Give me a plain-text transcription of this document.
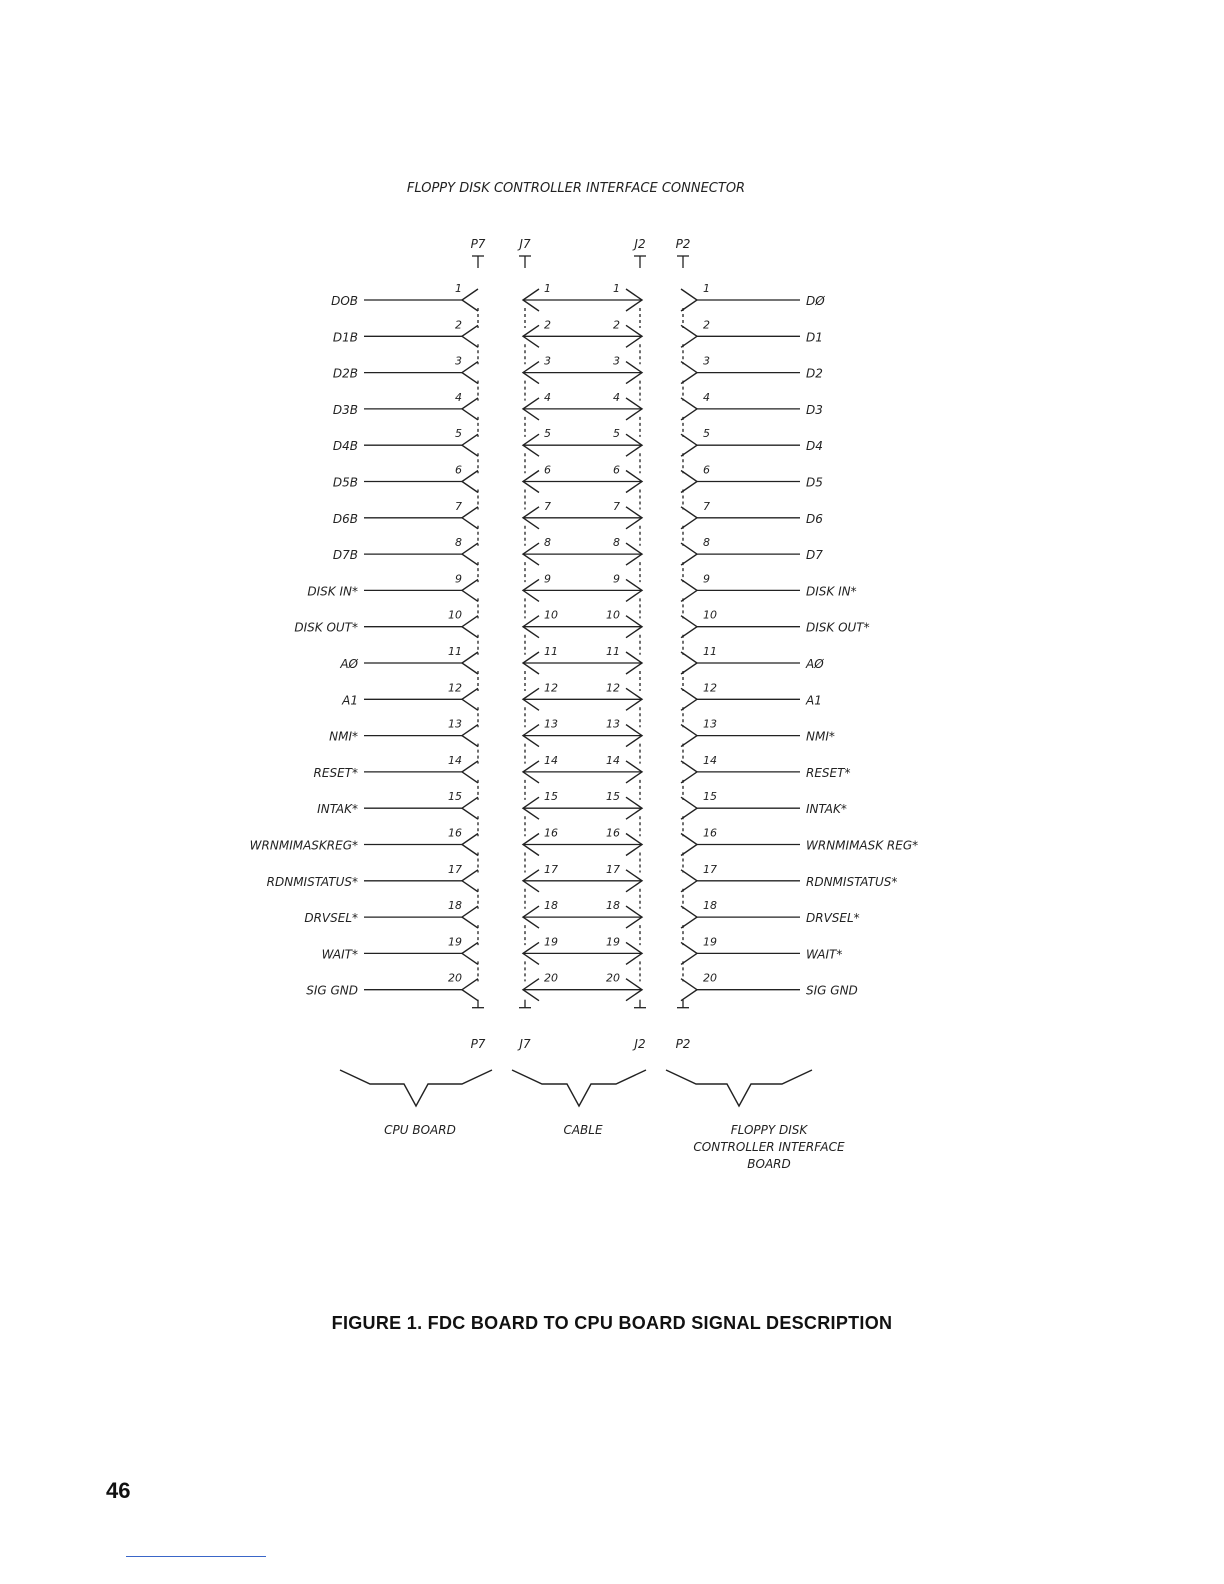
FLOPPY DISK CONTROLLER INTERFACE CONNECTOR
P7	J7	J2 P2
DOB
1	1	1	1
DØ
D1B
2	2	2	2
D1
D2B
3	3	3	3
D2
D3B
4	4	4	4
D3
D4B
5	5	5	5
D4
D5B
6	6	6	6
D5
D6B
7	7	7	7
D6
D7B
8	8	8	8
D7
DISK IN*
9	9	9	9
DISK IN*
DISK OUT*
10	10	10	10
DISK OUT*
AØ
11	11	11	11
AØ
A1
12	12	12	12
A1
NMI*
13	13	13	13
NMI*
RESET*
14	14	14	14
RESET*
INTAK*
15	15	15	15
INTAK*
WRNMIMASKREG*
16	16	16	16
WRNMIMASK REG*
RDNMISTATUS*
17	17	17	17
RDNMISTATUS*
DRVSEL*
18	18	18	18
DRVSEL*
WAIT*
19	19	19	19
WAIT*
SIG GND
20	20	20	20
SIG GND
P7	J7	J2 P2
CPU BOARD	CABLE	FLOPPY DISK
CONTROLLER INTERFACE
BOARD
FIGURE 1. FDC BOARD TO CPU BOARD SIGNAL DESCRIPTION
46
